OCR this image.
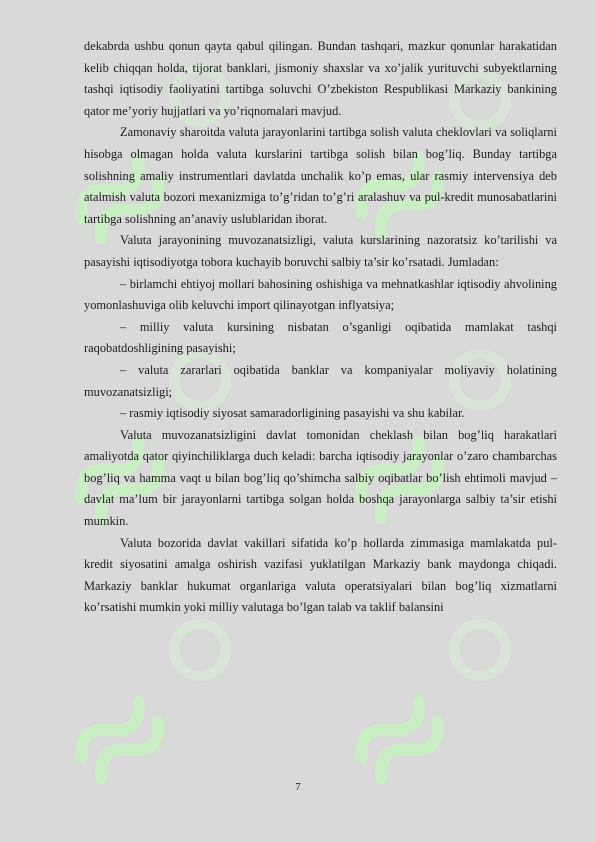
dekabrda ushbu qonun qayta qabul qilingan. Bundan tashqari, mazkur qonunlar harakatidan kelib chiqqan holda, tijorat banklari, jismoniy shaxslar va xo’jalik yurituvchi subyektlarning tashqi iqtisodiy faoliyatini tartibga soluvchi O’zbekiston Respublikasi Markaziy bankining qator me’yoriy hujjatlari va yo’riqnomalari mavjud.

Zamonaviy sharoitda valuta jarayonlarini tartibga solish valuta cheklovlari va soliqlarni hisobga olmagan holda valuta kurslarini tartibga solish bilan bog’liq. Bunday tartibga solishning amaliy instrumentlari davlatda unchalik ko’p emas, ular rasmiy intervensiya deb atalmish valuta bozori mexanizmiga to’g’ridan to’g’ri aralashuv va pul-kredit munosabatlarini tartibga solishning an’anaviy uslublaridan iborat.

Valuta jarayonining muvozanatsizligi, valuta kurslarining nazoratsiz ko’tarilishi va pasayishi iqtisodiyotga tobora kuchayib boruvchi salbiy ta’sir ko’rsatadi. Jumladan:

– birlamchi ehtiyoj mollari bahosining oshishiga va mehnatkashlar iqtisodiy ahvolining yomonlashuviga olib keluvchi import qilinayotgan inflyatsiya;

– milliy valuta kursining nisbatan o’sganligi oqibatida mamlakat tashqi raqobatdoshligining pasayishi;

– valuta zararlari oqibatida banklar va kompaniyalar moliyaviy holatining muvozanatsizligi;

– rasmiy iqtisodiy siyosat samaradorligining pasayishi va shu kabilar.

Valuta muvozanatsizligini davlat tomonidan cheklash bilan bog’liq harakatlari amaliyotda qator qiyinchiliklarga duch keladi: barcha iqtisodiy jarayonlar o’zaro chambarchas bog’liq va hamma vaqt u bilan bog’liq qo’shimcha salbiy oqibatlar bo’lish ehtimoli mavjud – davlat ma’lum bir jarayonlarni tartibga solgan holda boshqa jarayonlarga salbiy ta’sir etishi mumkin.

Valuta bozorida davlat vakillari sifatida ko’p hollarda zimmasiga mamlakatda pul-kredit siyosatini amalga oshirish vazifasi yuklatilgan Markaziy bank maydonga chiqadi. Markaziy banklar hukumat organlariga valuta operatsiyalari bilan bog’liq xizmatlarni ko’rsatishi mumkin yoki milliy valutaga bo’lgan talab va taklif balansini

7
